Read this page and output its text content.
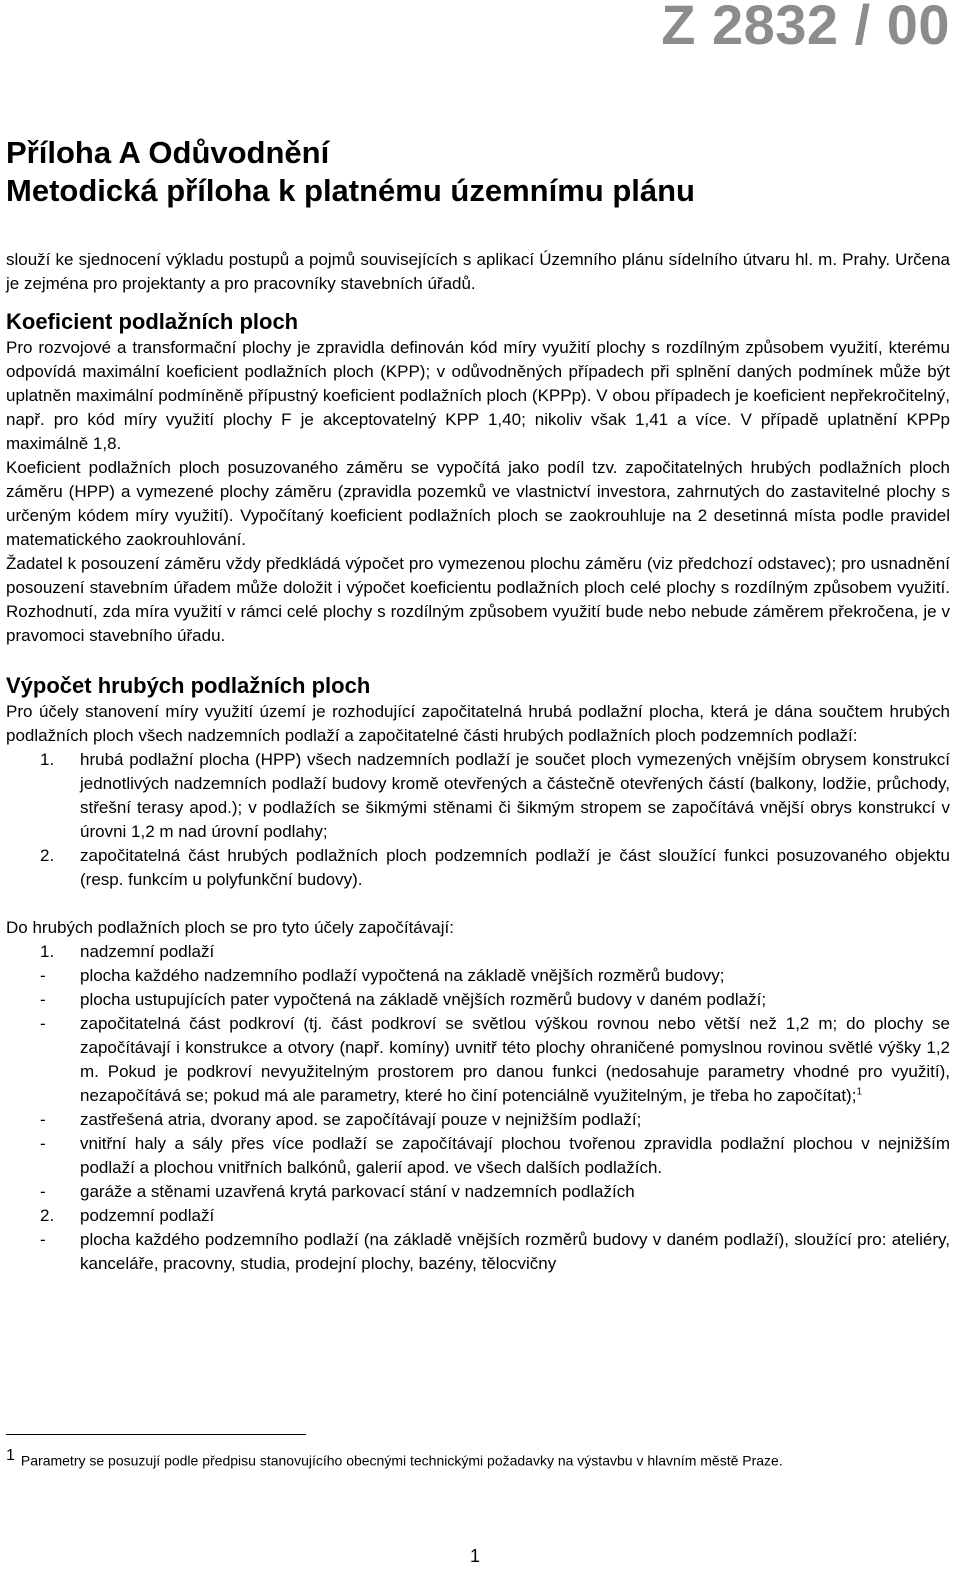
Z 2832 / 00
Příloha A Odůvodnění
Metodická příloha k platnému územnímu plánu

slouží ke sjednocení výkladu postupů a pojmů souvisejících s aplikací Územního plánu sídelního útvaru hl. m. Prahy. Určena je zejména pro projektanty a pro pracovníky stavebních úřadů.

Koeficient podlažních ploch

Pro rozvojové a transformační plochy je zpravidla definován kód míry využití plochy s rozdílným způsobem využití, kterému odpovídá maximální koeficient podlažních ploch (KPP); v odůvodněných případech při splnění daných podmínek může být uplatněn maximální podmíněně přípustný koeficient podlažních ploch (KPPp). V obou případech je koeficient nepřekročitelný, např. pro kód míry využití plochy F je akceptovatelný KPP 1,40; nikoliv však 1,41 a více. V případě uplatnění KPPp maximálně 1,8.

Koeficient podlažních ploch posuzovaného záměru se vypočítá jako podíl tzv. započitatelných hrubých podlažních ploch záměru (HPP) a vymezené plochy záměru (zpravidla pozemků ve vlastnictví investora, zahrnutých do zastavitelné plochy s určeným kódem míry využití). Vypočítaný koeficient podlažních ploch se zaokrouhluje na 2 desetinná místa podle pravidel matematického zaokrouhlování.

Žadatel k posouzení záměru vždy předkládá výpočet pro vymezenou plochu záměru (viz předchozí odstavec); pro usnadnění posouzení stavebním úřadem může doložit i výpočet koeficientu podlažních ploch celé plochy s rozdílným způsobem využití. Rozhodnutí, zda míra využití v rámci celé plochy s rozdílným způsobem využití bude nebo nebude záměrem překročena, je v pravomoci stavebního úřadu.

Výpočet hrubých podlažních ploch

Pro účely stanovení míry využití území je rozhodující započitatelná hrubá podlažní plocha, která je dána součtem hrubých podlažních ploch všech nadzemních podlaží a započitatelné části hrubých podlažních ploch podzemních podlaží:

1.	hrubá podlažní plocha (HPP) všech nadzemních podlaží je součet ploch vymezených vnějším obrysem konstrukcí jednotlivých nadzemních podlaží budovy kromě otevřených a částečně otevřených částí (balkony, lodžie, průchody, střešní terasy apod.); v podlažích se šikmými stěnami či šikmým stropem se započítává vnější obrys konstrukcí v úrovni 1,2 m nad úrovní podlahy;
2.	započitatelná část hrubých podlažních ploch podzemních podlaží je část sloužící funkci posuzovaného objektu (resp. funkcím u polyfunkční budovy).

Do hrubých podlažních ploch se pro tyto účely započítávají:

1.	nadzemní podlaží
-	plocha každého nadzemního podlaží vypočtená na základě vnějších rozměrů budovy;
-	plocha ustupujících pater vypočtená na základě vnějších rozměrů budovy v daném podlaží;
-	započitatelná část podkroví (tj. část podkroví se světlou výškou rovnou nebo větší než 1,2 m; do plochy se započítávají i konstrukce a otvory (např. komíny) uvnitř této plochy ohraničené pomyslnou rovinou světlé výšky 1,2 m. Pokud je podkroví nevyužitelným prostorem pro danou funkci (nedosahuje parametry vhodné pro využití), nezapočítává se; pokud má ale parametry, které ho činí potenciálně využitelným, je třeba ho započítat);$^1$
-	zastřešená atria, dvorany apod. se započítávají pouze v nejnižším podlaží;
-	vnitřní haly a sály přes více podlaží se započítávají plochou tvořenou zpravidla podlažní plochou v nejnižším podlaží a plochou vnitřních balkónů, galerií apod. ve všech dalších podlažích.
-	garáže a stěnami uzavřená krytá parkovací stání v nadzemních podlažích
2.	podzemní podlaží
-	plocha každého podzemního podlaží (na základě vnějších rozměrů budovy v daném podlaží), sloužící pro: ateliéry, kanceláře, pracovny, studia, prodejní plochy, bazény, tělocvičny
1 Parametry se posuzují podle předpisu stanovujícího obecnými technickými požadavky na výstavbu v hlavním městě Praze.
1
